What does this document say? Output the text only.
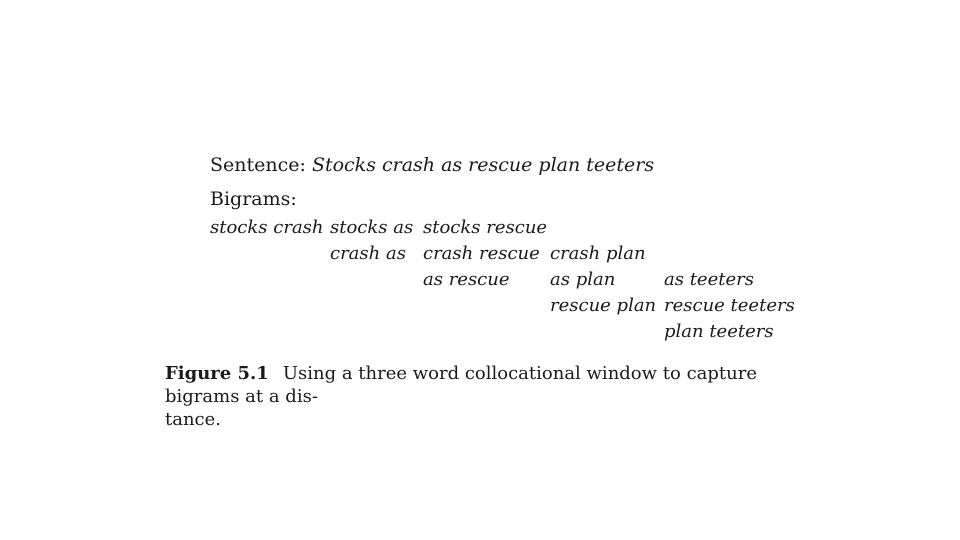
Sentence: Stocks crash as rescue plan teeters
Bigrams:
stocks crash stocks as
crash as
stocks rescue
crash rescue
as rescue
crash plan
as plan
rescue plan
as teeters
rescue teeters
plan teeters
Figure 5.1 Using a three word collocational window to capture bigrams at a dis-
tance.
